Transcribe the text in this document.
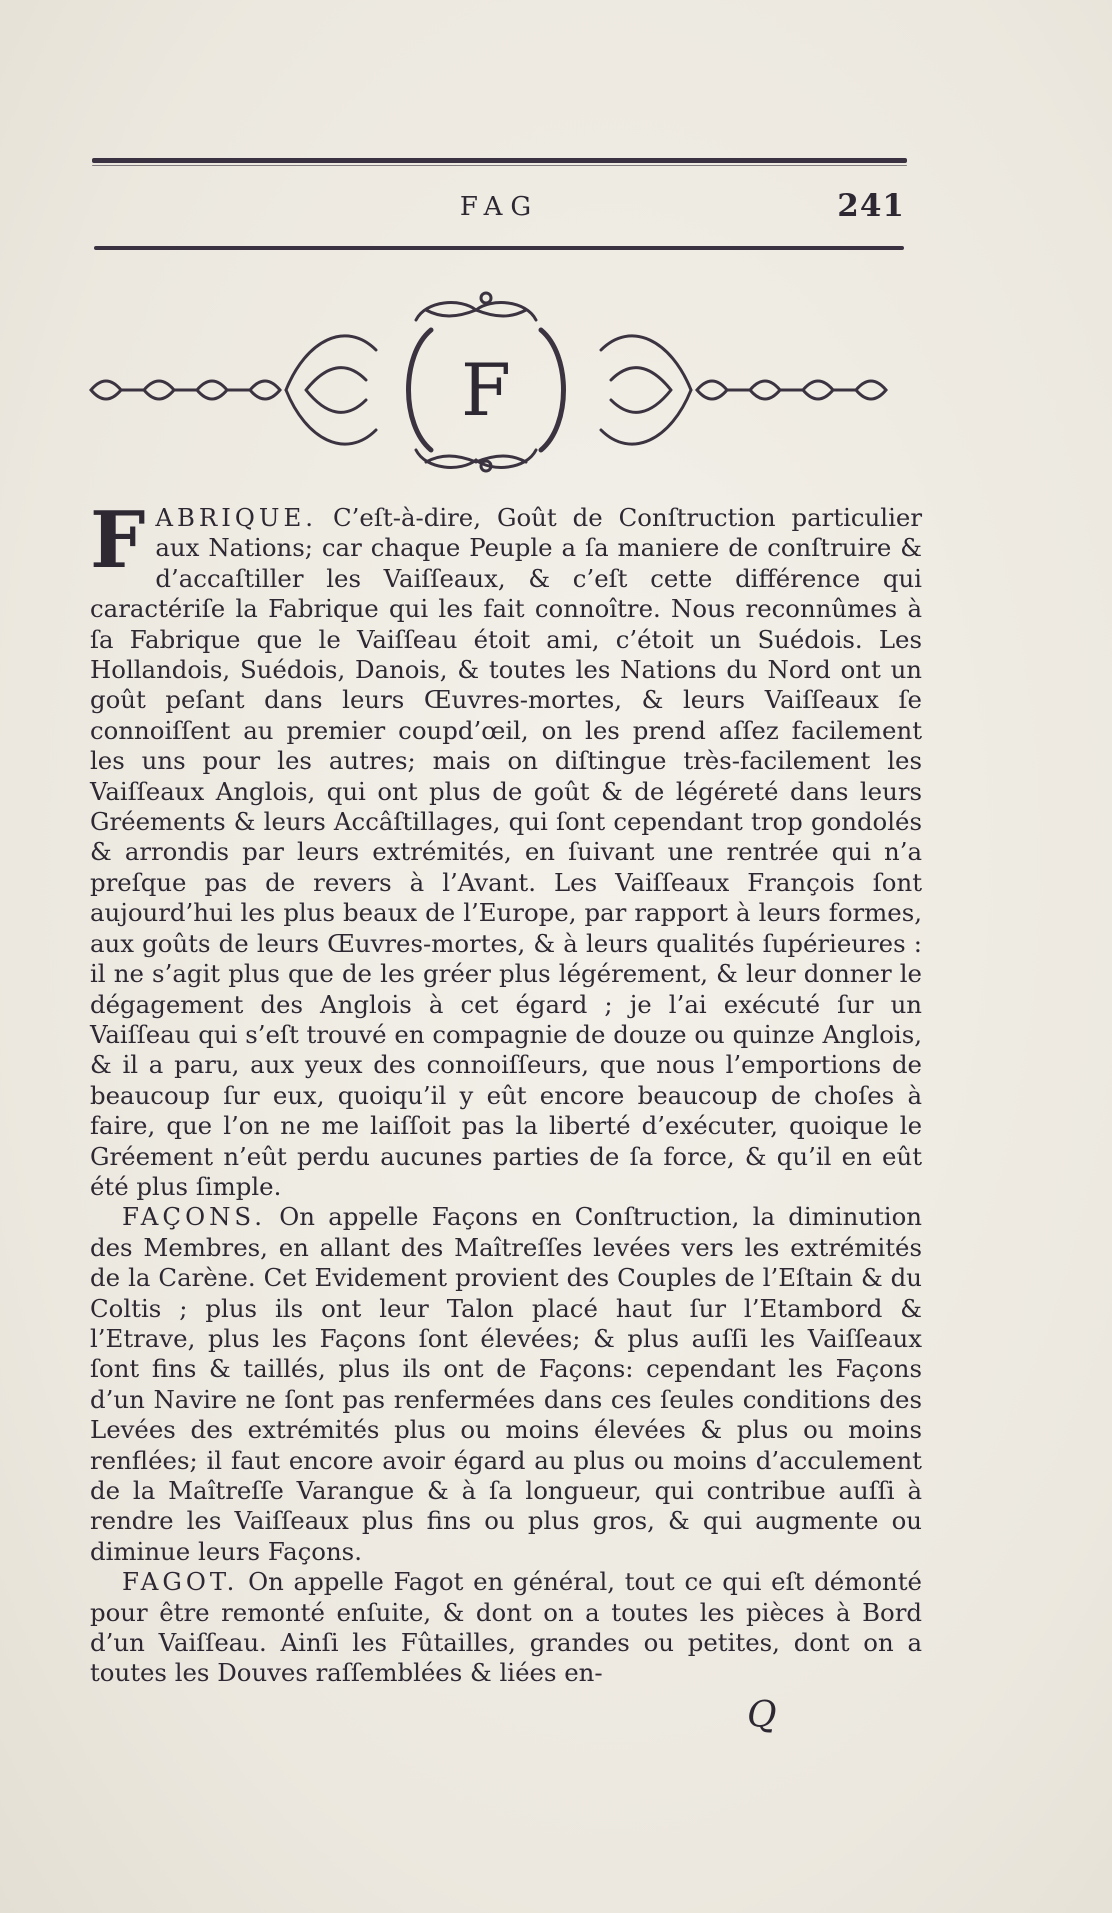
FAG	241
F

FABRIQUE. C’eſt-à-dire, Goût de Conſtruction particulier aux Nations; car chaque Peuple a ſa maniere de conſtruire & d’accaſtiller les Vaiſſeaux, & c’eſt cette différence qui caractériſe la Fabrique qui les fait connoître. Nous reconnûmes à ſa Fabrique que le Vaiſſeau étoit ami, c’étoit un Suédois. Les Hollandois, Suédois, Danois, & toutes les Nations du Nord ont un goût peſant dans leurs Œuvres-mortes, & leurs Vaiſſeaux ſe connoiſſent au premier coupd’œil, on les prend aſſez facilement les uns pour les autres; mais on diſtingue très-facilement les Vaiſſeaux Anglois, qui ont plus de goût & de légéreté dans leurs Gréements & leurs Accâſtillages, qui ſont cependant trop gondolés & arrondis par leurs extrémités, en ſuivant une rentrée qui n’a preſque pas de revers à l’Avant. Les Vaiſſeaux François ſont aujourd’hui les plus beaux de l’Europe, par rapport à leurs formes, aux goûts de leurs Œuvres-mortes, & à leurs qualités ſupérieures : il ne s’agit plus que de les gréer plus légérement, & leur donner le dégagement des Anglois à cet égard ; je l’ai exécuté ſur un Vaiſſeau qui s’eſt trouvé en compagnie de douze ou quinze Anglois, & il a paru, aux yeux des connoiſſeurs, que nous l’emportions de beaucoup ſur eux, quoiqu’il y eût encore beaucoup de choſes à faire, que l’on ne me laiſſoit pas la liberté d’exécuter, quoique le Gréement n’eût perdu aucunes parties de ſa force, & qu’il en eût été plus ſimple.

FAÇONS. On appelle Façons en Conſtruction, la diminution des Membres, en allant des Maîtreſſes levées vers les extrémités de la Carène. Cet Evidement provient des Couples de l’Eſtain & du Coltis ; plus ils ont leur Talon placé haut ſur l’Etambord & l’Etrave, plus les Façons ſont élevées; & plus auſſi les Vaiſſeaux ſont fins & taillés, plus ils ont de Façons: cependant les Façons d’un Navire ne ſont pas renfermées dans ces ſeules conditions des Levées des extrémités plus ou moins élevées & plus ou moins renflées; il faut encore avoir égard au plus ou moins d’acculement de la Maîtreſſe Varangue & à ſa longueur, qui contribue auſſi à rendre les Vaiſſeaux plus fins ou plus gros, & qui augmente ou diminue leurs Façons.

FAGOT. On appelle Fagot en général, tout ce qui eſt démonté pour être remonté enſuite, & dont on a toutes les pièces à Bord d’un Vaiſſeau. Ainſi les Fûtailles, grandes ou petites, dont on a toutes les Douves raſſemblées & liées en-

Q
